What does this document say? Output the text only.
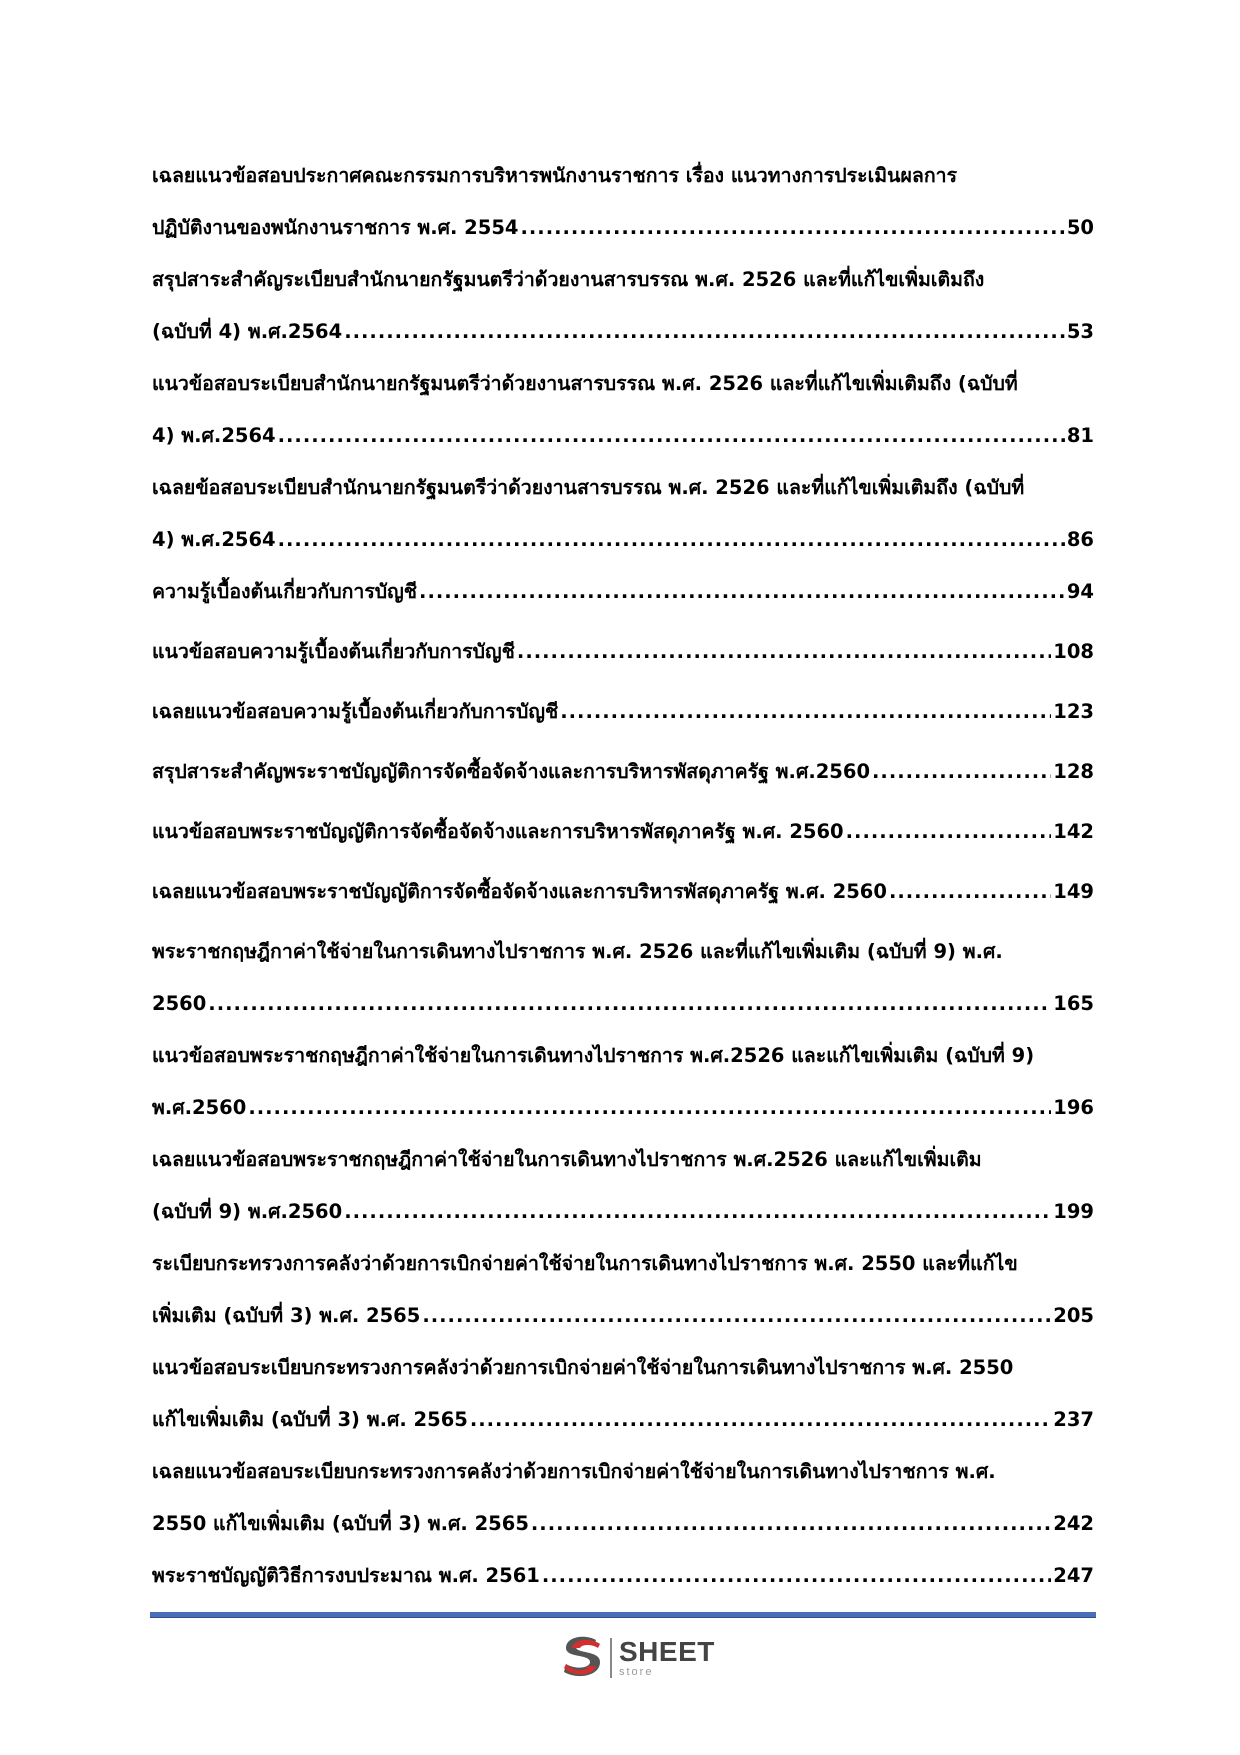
เฉลยแนวข้อสอบประกาศคณะกรรมการบริหารพนักงานราชการ เรื่อง แนวทางการประเมินผลการ
ปฏิบัติงานของพนักงานราชการ พ.ศ. 2554 .....	50
สรุปสาระสำคัญระเบียบสำนักนายกรัฐมนตรีว่าด้วยงานสารบรรณ พ.ศ. 2526 และที่แก้ไขเพิ่มเติมถึง
(ฉบับที่ 4) พ.ศ.2564 .....	53
แนวข้อสอบระเบียบสำนักนายกรัฐมนตรีว่าด้วยงานสารบรรณ พ.ศ. 2526 และที่แก้ไขเพิ่มเติมถึง (ฉบับที่
4) พ.ศ.2564 .....	81
เฉลยข้อสอบระเบียบสำนักนายกรัฐมนตรีว่าด้วยงานสารบรรณ พ.ศ. 2526 และที่แก้ไขเพิ่มเติมถึง (ฉบับที่
4) พ.ศ.2564 .....	86
ความรู้เบื้องต้นเกี่ยวกับการบัญชี .....	94
แนวข้อสอบความรู้เบื้องต้นเกี่ยวกับการบัญชี .....	108
เฉลยแนวข้อสอบความรู้เบื้องต้นเกี่ยวกับการบัญชี .....	123
สรุปสาระสำคัญพระราชบัญญัติการจัดซื้อจัดจ้างและการบริหารพัสดุภาครัฐ พ.ศ.2560 .....	128
แนวข้อสอบพระราชบัญญัติการจัดซื้อจัดจ้างและการบริหารพัสดุภาครัฐ พ.ศ. 2560 .....	142
เฉลยแนวข้อสอบพระราชบัญญัติการจัดซื้อจัดจ้างและการบริหารพัสดุภาครัฐ พ.ศ. 2560 .....	149
พระราชกฤษฎีกาค่าใช้จ่ายในการเดินทางไปราชการ พ.ศ. 2526 และที่แก้ไขเพิ่มเติม (ฉบับที่ 9) พ.ศ.
2560 .....	165
แนวข้อสอบพระราชกฤษฎีกาค่าใช้จ่ายในการเดินทางไปราชการ พ.ศ.2526 และแก้ไขเพิ่มเติม (ฉบับที่ 9)
พ.ศ.2560 .....	196
เฉลยแนวข้อสอบพระราชกฤษฎีกาค่าใช้จ่ายในการเดินทางไปราชการ พ.ศ.2526 และแก้ไขเพิ่มเติม
(ฉบับที่ 9) พ.ศ.2560 .....	199
ระเบียบกระทรวงการคลังว่าด้วยการเบิกจ่ายค่าใช้จ่ายในการเดินทางไปราชการ พ.ศ. 2550 และที่แก้ไข
เพิ่มเติม (ฉบับที่ 3) พ.ศ. 2565 .....	205
แนวข้อสอบระเบียบกระทรวงการคลังว่าด้วยการเบิกจ่ายค่าใช้จ่ายในการเดินทางไปราชการ พ.ศ. 2550
แก้ไขเพิ่มเติม (ฉบับที่ 3) พ.ศ. 2565 .....	237
เฉลยแนวข้อสอบระเบียบกระทรวงการคลังว่าด้วยการเบิกจ่ายค่าใช้จ่ายในการเดินทางไปราชการ พ.ศ.
2550 แก้ไขเพิ่มเติม (ฉบับที่ 3) พ.ศ. 2565 .....	242
พระราชบัญญัติวิธีการงบประมาณ พ.ศ. 2561 .....	247
SHEET
store
